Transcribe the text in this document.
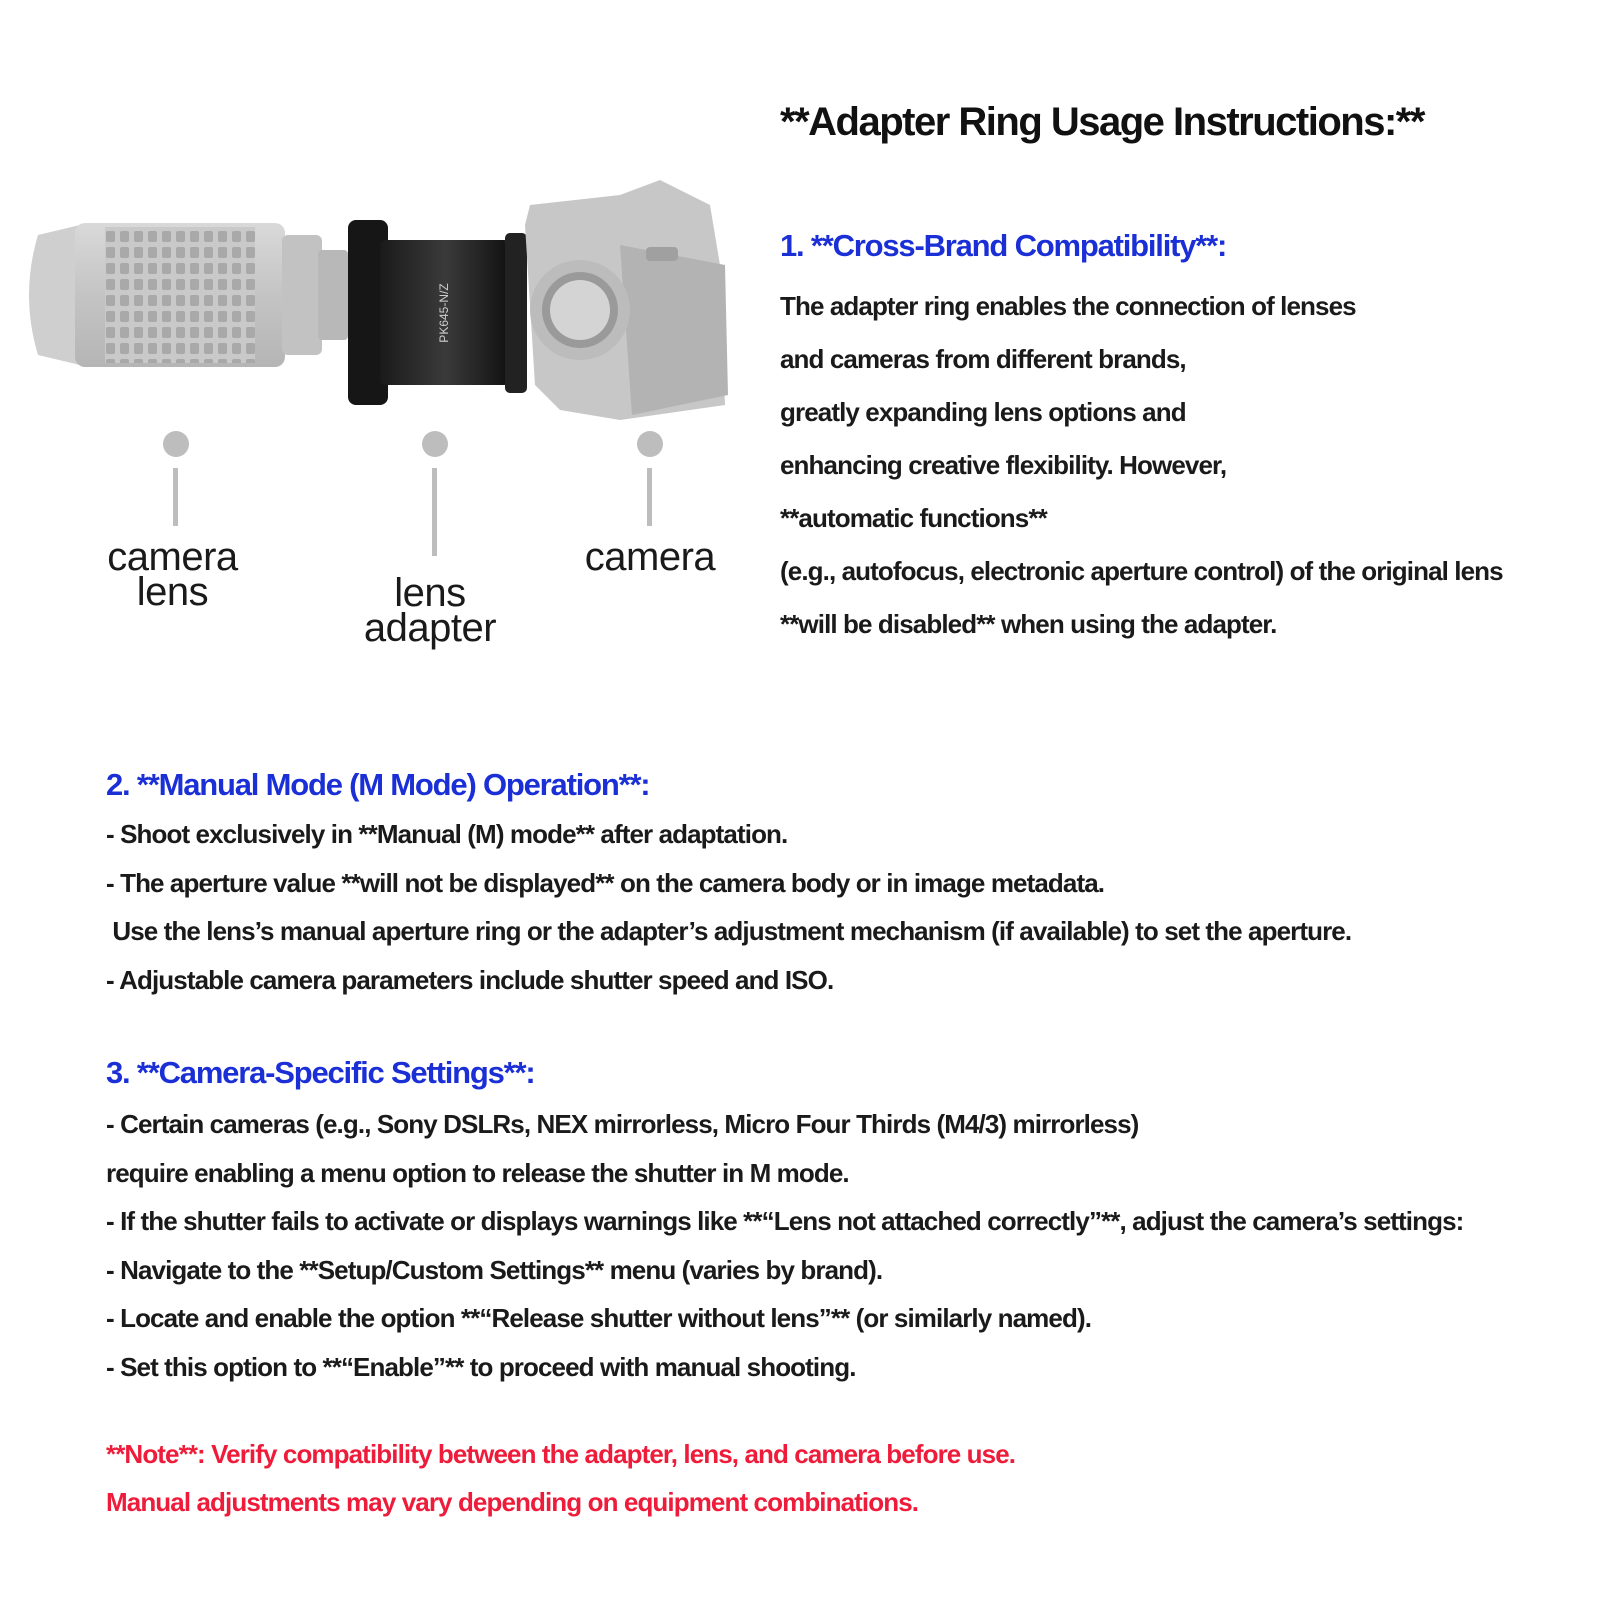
**Adapter Ring Usage Instructions:**
PK645-N/Z
camera
lens	lens
adapter
camera
1. **Cross-Brand Compatibility**:
The adapter ring enables the connection of lenses
and cameras from different brands,
greatly expanding lens options and
enhancing creative flexibility. However,
**automatic functions**
(e.g., autofocus, electronic aperture control) of the original lens
**will be disabled** when using the adapter.
2. **Manual Mode (M Mode) Operation**:
- Shoot exclusively in **Manual (M) mode** after adaptation.
- The aperture value **will not be displayed** on the camera body or in image metadata.
Use the lens’s manual aperture ring or the adapter’s adjustment mechanism (if available) to set the aperture.
- Adjustable camera parameters include shutter speed and ISO.
3. **Camera-Specific Settings**:
- Certain cameras (e.g., Sony DSLRs, NEX mirrorless, Micro Four Thirds (M4/3) mirrorless)
require enabling a menu option to release the shutter in M mode.
- If the shutter fails to activate or displays warnings like **“Lens not attached correctly”**, adjust the camera’s settings:
- Navigate to the **Setup/Custom Settings** menu (varies by brand).
- Locate and enable the option **“Release shutter without lens”** (or similarly named).
- Set this option to **“Enable”** to proceed with manual shooting.
**Note**: Verify compatibility between the adapter, lens, and camera before use.
Manual adjustments may vary depending on equipment combinations.
